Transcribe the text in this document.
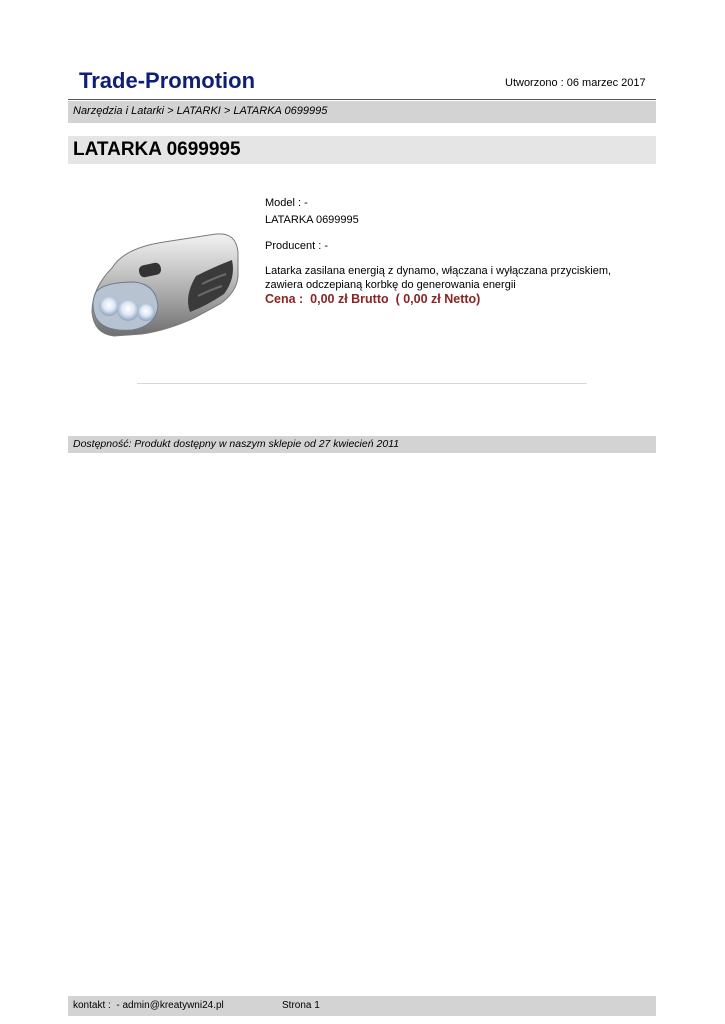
Trade-Promotion	Utworzono : 06 marzec 2017
Narzędzia i Latarki > LATARKI > LATARKA 0699995
LATARKA 0699995
Model : -
LATARKA 0699995
Producent : -
Latarka zasilana energią z dynamo, włączana i wyłączana przyciskiem,
zawiera odczepianą korbkę do generowania energii
Cena :  0,00 zł Brutto  ( 0,00 zł Netto)
Dostępność: Produkt dostępny w naszym sklepie od 27 kwiecień 2011
kontakt :  - admin@kreatywni24.pl	Strona 1
